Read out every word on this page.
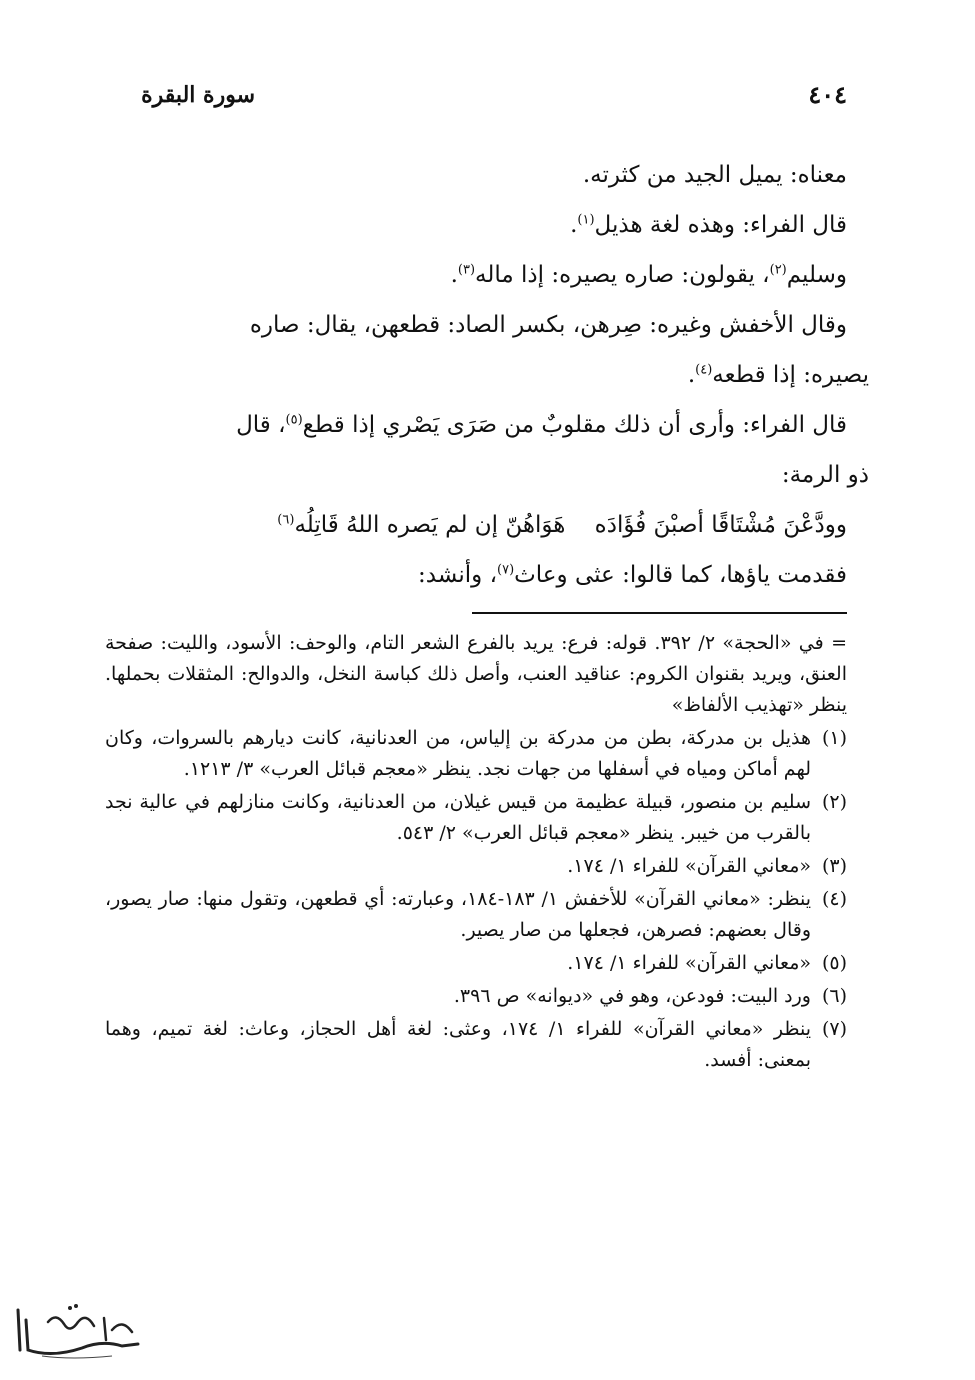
سورة البقرة	٤٠٤

معناه: يميل الجيد من كثرته.

قال الفراء: وهذه لغة هذيل$^{(١)}$.

وسليم$^{(٢)}$، يقولون: صاره يصيره: إذا ماله$^{(٣)}$.

وقال الأخفش وغيره: صِرهن، بكسر الصاد: قطعهن، يقال: صاره

يصيره: إذا قطعه$^{(٤)}$.

قال الفراء: وأرى أن ذلك مقلوبٌ من صَرَى يَصْري إذا قطع$^{(٥)}$، قال

ذو الرمة:

وودَّعْنَ مُشْتَاقًا أصبْنَ فُؤَادَه    هَوَاهُنّ إن لم يَصره اللهُ قَاتِلُه$^{(٦)}$

فقدمت ياؤها، كما قالوا: عثى وعاث$^{(٧)}$، وأنشد:

= في «الحجة» ٢/ ٣٩٢. قوله: فرع: يريد بالفرع الشعر التام، والوحف: الأسود، والليت: صفحة العنق، ويريد بقنوان الكروم: عناقيد العنب، وأصل ذلك كباسة النخل، والدوالح: المثقلات بحملها. ينظر «تهذيب الألفاظ»
(١)
هذيل بن مدركة، بطن من مدركة بن إلياس، من العدنانية، كانت ديارهم بالسروات، وكان لهم أماكن ومياه في أسفلها من جهات نجد. ينظر «معجم قبائل العرب» ٣/ ١٢١٣.
(٢)
سليم بن منصور، قبيلة عظيمة من قيس غيلان، من العدنانية، وكانت منازلهم في عالية نجد بالقرب من خيبر. ينظر «معجم قبائل العرب» ٢/ ٥٤٣.
(٣)
«معاني القرآن» للفراء ١/ ١٧٤.
(٤)
ينظر: «معاني القرآن» للأخفش ١/ ١٨٣-١٨٤، وعبارته: أي قطعهن، وتقول منها: صار يصور، وقال بعضهم: فصرهن، فجعلها من صار يصير.
(٥)
«معاني القرآن» للفراء ١/ ١٧٤.
(٦)
ورد البيت: فودعن، وهو في «ديوانه» ص ٣٩٦.
(٧)
ينظر «معاني القرآن» للفراء ١/ ١٧٤، وعثى: لغة أهل الحجاز، وعاث: لغة تميم، وهما بمعنى: أفسد.
